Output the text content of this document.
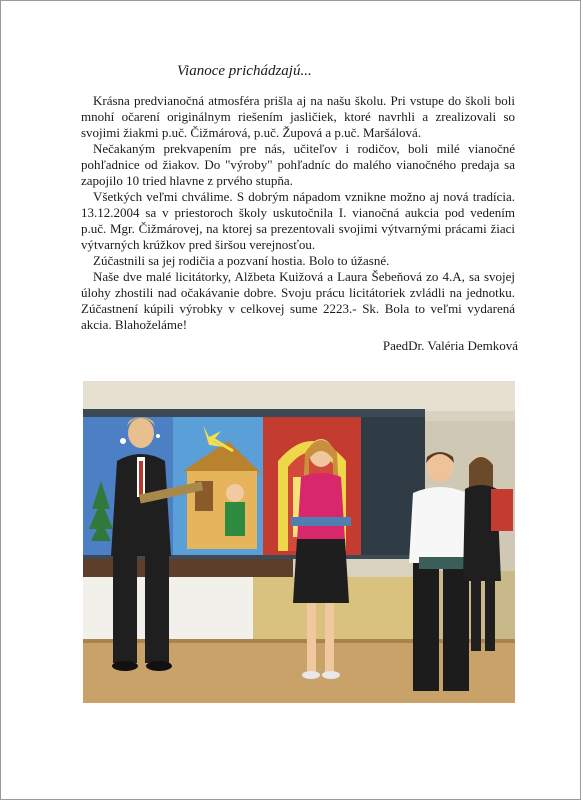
Vianoce prichádzajú...

Krásna predvianočná atmosféra prišla aj na našu školu. Pri vstupe do školi boli mnohí očarení originálnym riešením jasličiek, ktoré navrhli a zrealizovali so svojimi žiakmi p.uč. Čižmárová, p.uč. Župová a p.uč. Maršálová.

Nečakaným prekvapením pre nás, učiteľov i rodičov, boli milé vianočné pohľadnice od žiakov. Do "výroby" pohľadníc do malého vianočného predaja sa zapojilo 10 tried hlavne z prvého stupňa.

Všetkých veľmi chválime. S dobrým nápadom vznikne možno aj nová tradícia. 13.12.2004 sa v priestoroch školy uskutočnila I. vianočná aukcia pod vedením p.uč. Mgr. Čižmárovej, na ktorej sa prezentovali svojimi výtvarnými prácami žiaci výtvarných krúžkov pred širšou verejnosťou.

Zúčastnili sa jej rodičia a pozvaní hostia. Bolo to úžasné.

Naše dve malé licitátorky, Alžbeta Kuižová a Laura Šebeňová zo 4.A, sa svojej úlohy zhostili nad očakávanie dobre. Svoju prácu licitátoriek zvládli na jednotku. Zúčastnení kúpili výrobky v celkovej sume 2223.- Sk. Bola to veľmi vydarená akcia. Blahoželáme!

PaedDr. Valéria Demková
